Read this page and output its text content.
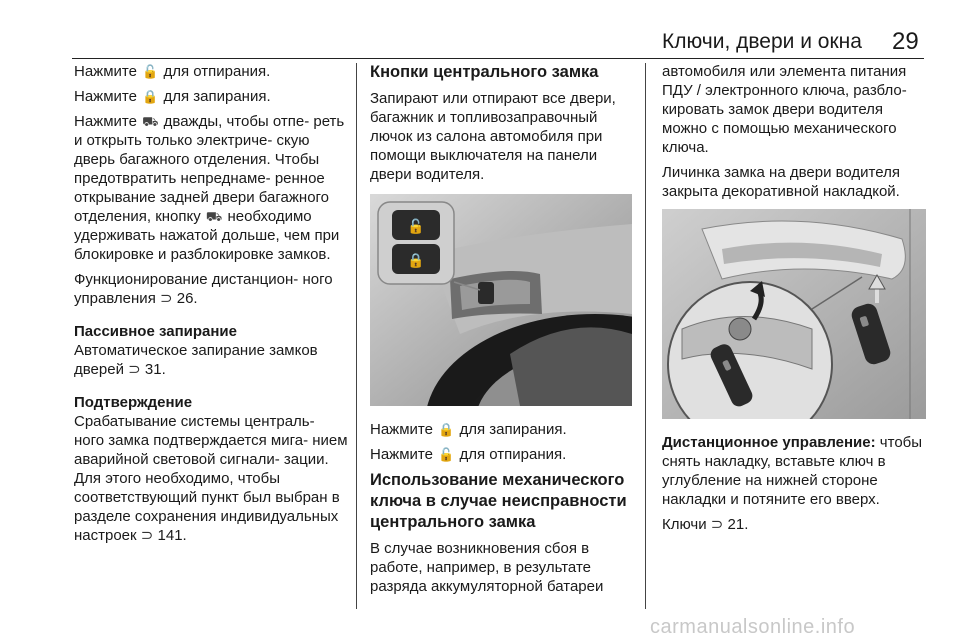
Ключи, двери и окна 29

Нажмите 🔓 для отпирания.

Нажмите 🔒 для запирания.

Нажмите ⛟ дважды, чтобы отпе- реть и открыть только электриче- скую дверь багажного отделения. Чтобы предотвратить непреднаме- ренное открывание задней двери багажного отделения, кнопку ⛟ необходимо удерживать нажатой дольше, чем при блокировке и разблокировке замков.

Функционирование дистанцион- ного управления ⊃ 26.

Пассивное запирание
Автоматическое запирание замков дверей ⊃ 31.

Подтверждение
Срабатывание системы централь- ного замка подтверждается мига- нием аварийной световой сигнали- зации. Для этого необходимо, чтобы соответствующий пункт был выбран в разделе сохранения индивидуальных настроек ⊃ 141.

Кнопки центрального замка

Запирают или отпирают все двери, багажник и топливозаправочный лючок из салона автомобиля при помощи выключателя на панели двери водителя.

🔓
🔒

Нажмите 🔒 для запирания.

Нажмите 🔓 для отпирания.

Использование механического ключа в случае неисправности центрального замка

В случае возникновения сбоя в работе, например, в результате разряда аккумуляторной батареи

автомобиля или элемента питания ПДУ / электронного ключа, разбло- кировать замок двери водителя можно с помощью механического ключа.

Личинка замка на двери водителя закрыта декоративной накладкой.

Дистанционное управление: чтобы снять накладку, вставьте ключ в углубление на нижней стороне накладки и потяните его вверх.

Ключи ⊃ 21.

carmanualsonline.info
